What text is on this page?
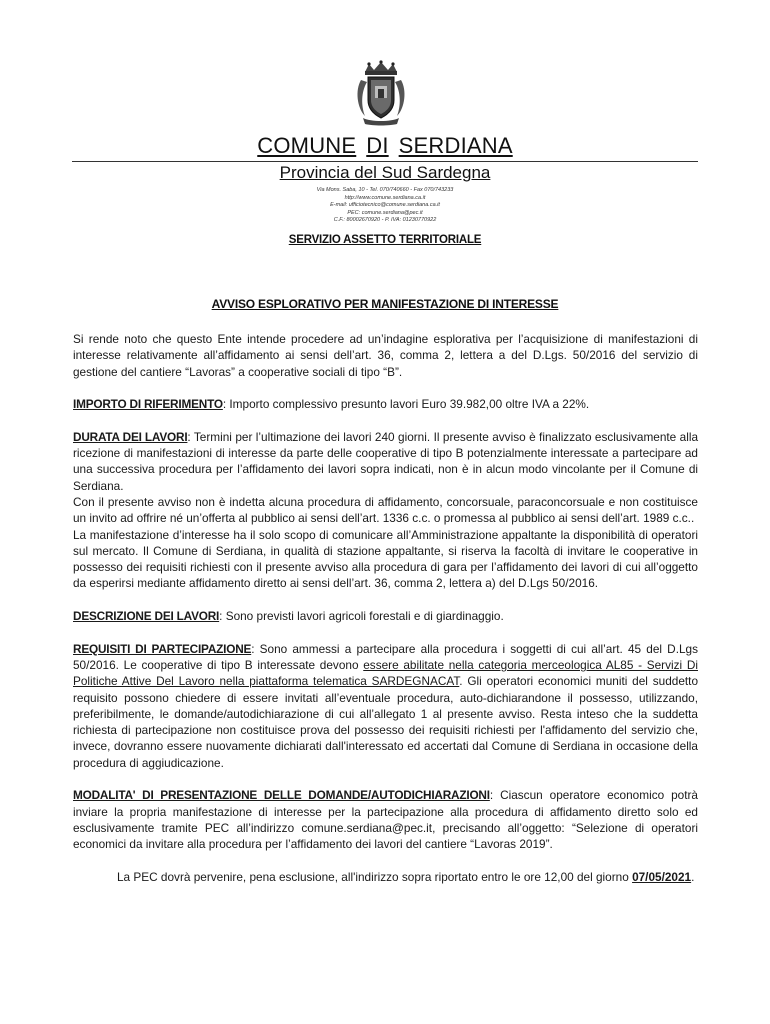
COMUNE DI SERDIANA
Provincia del Sud Sardegna
Via Mons. Saba, 10 - Tel. 070/740660 - Fax 070/743233
http://www.comune.serdiana.ca.it
E-mail: ufficiotecnico@comune.serdiana.ca.it
PEC: comune.serdiana@pec.it
C.F.: 80002670920 - P. IVA: 01230770922
SERVIZIO ASSETTO TERRITORIALE
AVVISO ESPLORATIVO PER MANIFESTAZIONE DI INTERESSE

Si rende noto che questo Ente intende procedere ad un’indagine esplorativa per l’acquisizione di manifestazioni di interesse relativamente all’affidamento ai sensi dell’art. 36, comma 2, lettera a del D.Lgs. 50/2016 del servizio di gestione del cantiere “Lavoras” a cooperative sociali di tipo “B”.

IMPORTO DI RIFERIMENTO: Importo complessivo presunto lavori Euro 39.982,00 oltre IVA a 22%.

DURATA DEI LAVORI: Termini per l’ultimazione dei lavori 240 giorni. Il presente avviso è finalizzato esclusivamente alla ricezione di manifestazioni di interesse da parte delle cooperative di tipo B potenzialmente interessate a partecipare ad una successiva procedura per l’affidamento dei lavori sopra indicati, non è in alcun modo vincolante per il Comune di Serdiana.

Con il presente avviso non è indetta alcuna procedura di affidamento, concorsuale, paraconcorsuale e non costituisce un invito ad offrire né un’offerta al pubblico ai sensi dell’art. 1336 c.c. o promessa al pubblico ai sensi dell’art. 1989 c.c..

La manifestazione d’interesse ha il solo scopo di comunicare all’Amministrazione appaltante la disponibilità di operatori sul mercato. Il Comune di Serdiana, in qualità di stazione appaltante, si riserva la facoltà di invitare le cooperative in possesso dei requisiti richiesti con il presente avviso alla procedura di gara per l’affidamento dei lavori di cui all’oggetto da esperirsi mediante affidamento diretto ai sensi dell’art. 36, comma 2, lettera a) del D.Lgs 50/2016.

DESCRIZIONE DEI LAVORI: Sono previsti lavori agricoli forestali e di giardinaggio.

REQUISITI DI PARTECIPAZIONE: Sono ammessi a partecipare alla procedura i soggetti di cui all’art. 45 del D.Lgs 50/2016. Le cooperative di tipo B interessate devono essere abilitate nella categoria merceologica AL85 - Servizi Di Politiche Attive Del Lavoro nella piattaforma telematica SARDEGNACAT. Gli operatori economici muniti del suddetto requisito possono chiedere di essere invitati all’eventuale procedura, auto-dichiarandone il possesso, utilizzando, preferibilmente, le domande/autodichiarazione di cui all’allegato 1 al presente avviso. Resta inteso che la suddetta richiesta di partecipazione non costituisce prova del possesso dei requisiti richiesti per l'affidamento del servizio che, invece, dovranno essere nuovamente dichiarati dall'interessato ed accertati dal Comune di Serdiana in occasione della procedura di aggiudicazione.

MODALITA' DI PRESENTAZIONE DELLE DOMANDE/AUTODICHIARAZIONI: Ciascun operatore economico potrà inviare la propria manifestazione di interesse per la partecipazione alla procedura di affidamento diretto solo ed esclusivamente tramite PEC all’indirizzo comune.serdiana@pec.it, precisando all’oggetto: “Selezione di operatori economici da invitare alla procedura per l’affidamento dei lavori del cantiere “Lavoras 2019”.

La PEC dovrà pervenire, pena esclusione, all'indirizzo sopra riportato entro le ore 12,00 del giorno 07/05/2021.
